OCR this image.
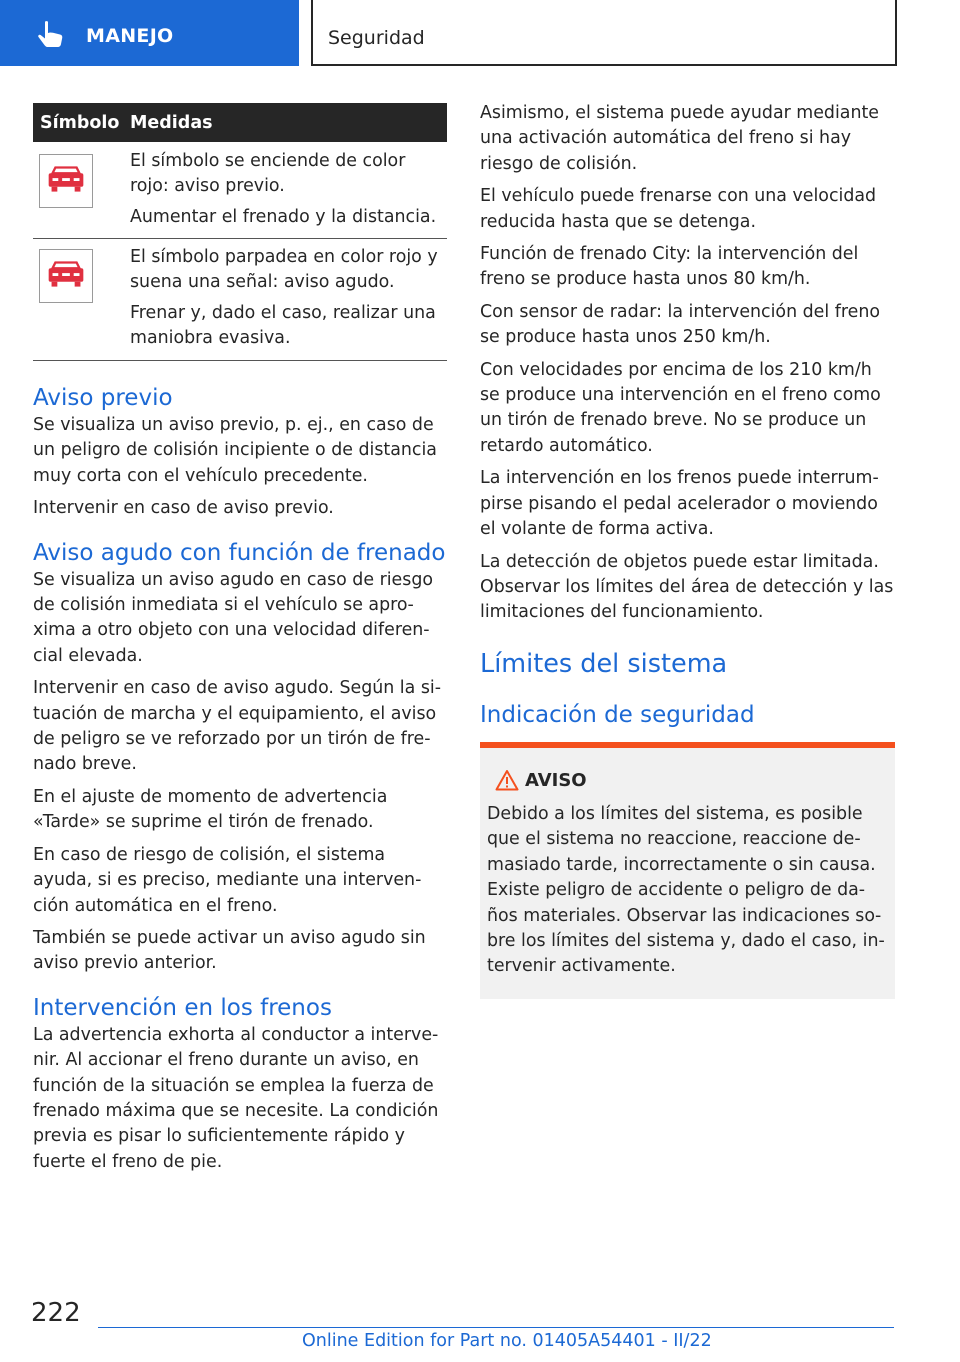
MANEJO	Seguridad
Símbolo Medidas

El símbolo se enciende de color rojo: aviso previo.

Aumentar el frenado y la distancia.

El símbolo parpadea en color rojo y suena una señal: aviso agudo.

Frenar y, dado el caso, realizar una maniobra evasiva.

Aviso previo

Se visualiza un aviso previo, p. ej., en caso de un peligro de colisión incipiente o de distancia muy corta con el vehículo precedente.

Intervenir en caso de aviso previo.

Aviso agudo con función de frenado

Se visualiza un aviso agudo en caso de riesgo de colisión inmediata si el vehículo se apro‐ xima a otro objeto con una velocidad diferen‐ cial elevada.

Intervenir en caso de aviso agudo. Según la si‐ tuación de marcha y el equipamiento, el aviso de peligro se ve reforzado por un tirón de fre‐ nado breve.

En el ajuste de momento de advertencia «Tarde» se suprime el tirón de frenado.

En caso de riesgo de colisión, el sistema ayuda, si es preciso, mediante una interven‐ ción automática en el freno.

También se puede activar un aviso agudo sin aviso previo anterior.

Intervención en los frenos

La advertencia exhorta al conductor a interve‐ nir. Al accionar el freno durante un aviso, en función de la situación se emplea la fuerza de frenado máxima que se necesite. La condición previa es pisar lo suficientemente rápido y fuerte el freno de pie.

Asimismo, el sistema puede ayudar mediante una activación automática del freno si hay riesgo de colisión.

El vehículo puede frenarse con una velocidad reducida hasta que se detenga.

Función de frenado City: la intervención del freno se produce hasta unos 80 km/h.

Con sensor de radar: la intervención del freno se produce hasta unos 250 km/h.

Con velocidades por encima de los 210 km/h se produce una intervención en el freno como un tirón de frenado breve. No se produce un retardo automático.

La intervención en los frenos puede interrum‐ pirse pisando el pedal acelerador o moviendo el volante de forma activa.

La detección de objetos puede estar limitada. Observar los límites del área de detección y las limitaciones del funcionamiento.

Límites del sistema
Indicación de seguridad
AVISO

Debido a los límites del sistema, es posible que el sistema no reaccione, reaccione de‐ masiado tarde, incorrectamente o sin causa. Existe peligro de accidente o peligro de da‐ ños materiales. Observar las indicaciones so‐ bre los límites del sistema y, dado el caso, in‐ tervenir activamente.

222
Online Edition for Part no. 01405A54401 - II/22
